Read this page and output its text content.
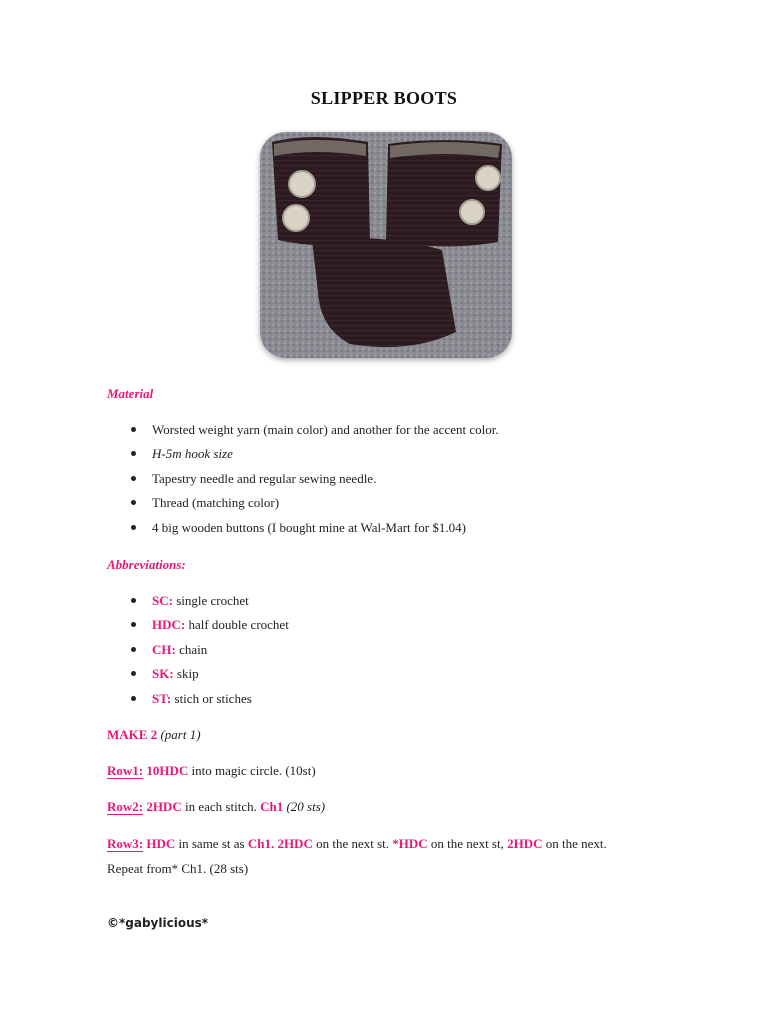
SLIPPER BOOTS
Material
Worsted weight yarn (main color) and another for the accent color.
H-5m hook size
Tapestry needle and regular sewing needle.
Thread (matching color)
4 big wooden buttons (I bought mine at Wal-Mart for $1.04)
Abbreviations:
SC: single crochet
HDC: half double crochet
CH: chain
SK: skip
ST: stich or stiches
MAKE 2 (part 1)
Row1: 10HDC into magic circle. (10st)
Row2: 2HDC in each stitch. Ch1 (20 sts)
Row3: HDC in same st as Ch1. 2HDC on the next st. *HDC on the next st, 2HDC on the next.
Repeat from* Ch1. (28 sts)
©*gabylicious*
